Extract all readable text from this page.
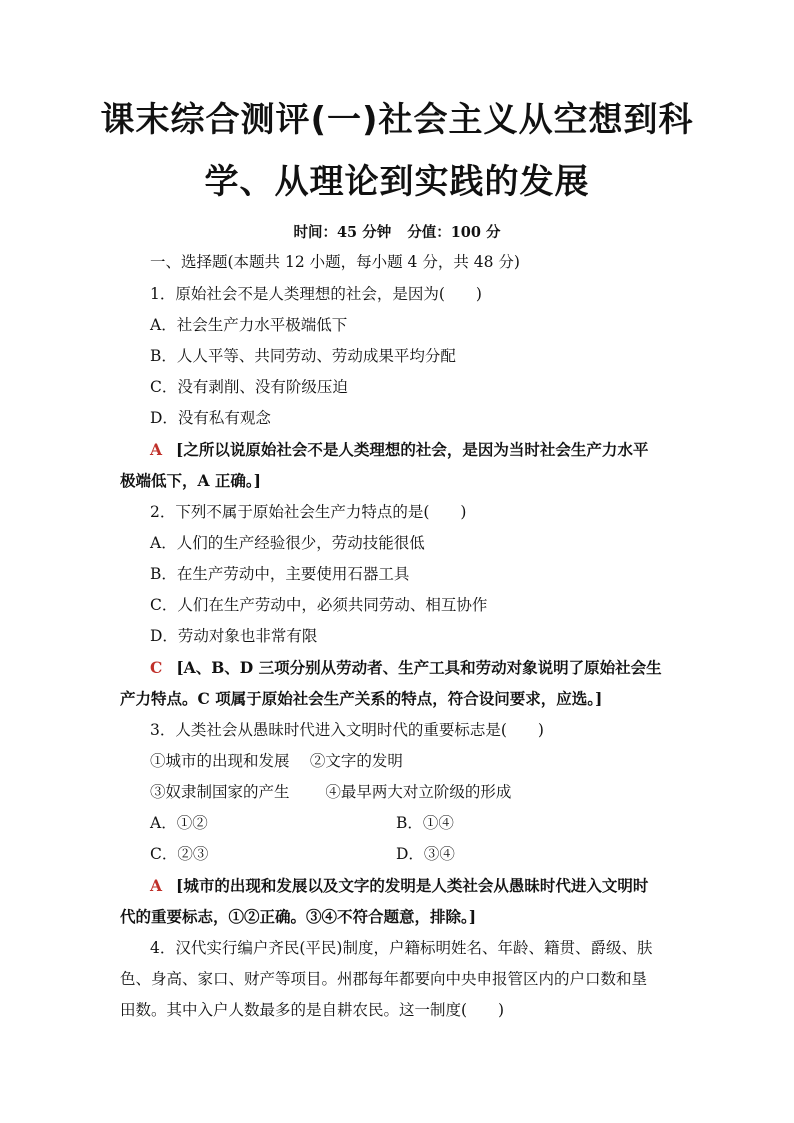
课末综合测评(一)社会主义从空想到科
学、从理论到实践的发展
时间：45 分钟 分值：100 分
一、选择题(本题共 12 小题，每小题 4 分，共 48 分)
1．原始社会不是人类理想的社会，是因为(　　)
A．社会生产力水平极端低下
B．人人平等、共同劳动、劳动成果平均分配
C．没有剥削、没有阶级压迫
D．没有私有观念
A [之所以说原始社会不是人类理想的社会，是因为当时社会生产力水平
极端低下，A 正确。]
2．下列不属于原始社会生产力特点的是(　　)
A．人们的生产经验很少，劳动技能很低
B．在生产劳动中，主要使用石器工具
C．人们在生产劳动中，必须共同劳动、相互协作
D．劳动对象也非常有限
C [A、B、D 三项分别从劳动者、生产工具和劳动对象说明了原始社会生
产力特点。C 项属于原始社会生产关系的特点，符合设问要求，应选。]
3．人类社会从愚昧时代进入文明时代的重要标志是(　　)
①城市的出现和发展　 ②文字的发明
③奴隶制国家的产生　　 ④最早两大对立阶级的形成
A．①②	B．①④
C．②③	D．③④
A [城市的出现和发展以及文字的发明是人类社会从愚昧时代进入文明时
代的重要标志，①②正确。③④不符合题意，排除。]
4．汉代实行编户齐民(平民)制度，户籍标明姓名、年龄、籍贯、爵级、肤
色、身高、家口、财产等项目。州郡每年都要向中央申报管区内的户口数和垦
田数。其中入户人数最多的是自耕农民。这一制度(　　)
